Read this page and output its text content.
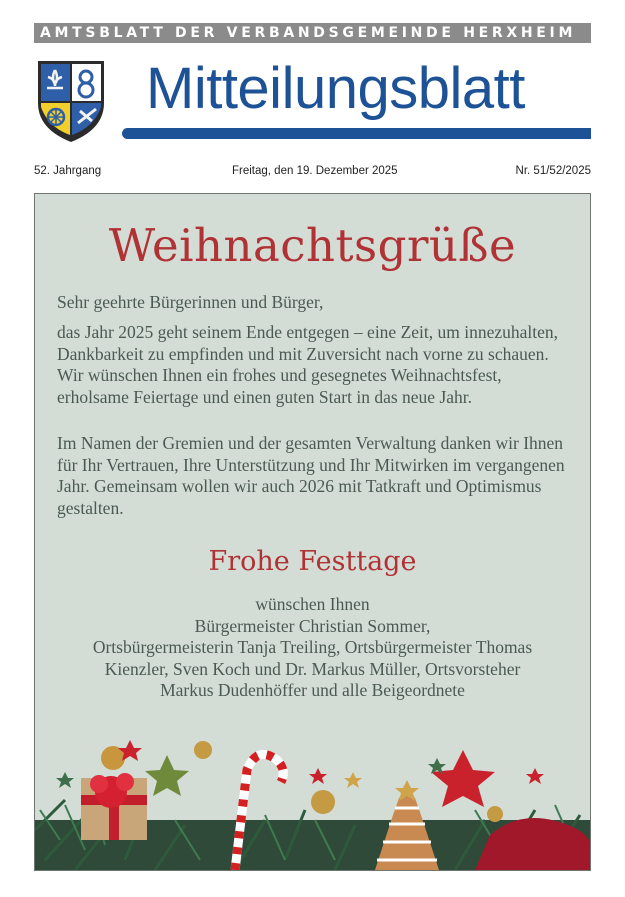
AMTSBLATT DER VERBANDSGEMEINDE HERXHEIM
Mitteilungsblatt
52. Jahrgang	Freitag, den 19. Dezember 2025	Nr. 51/52/2025
Weihnachtsgrüße
Sehr geehrte Bürgerinnen und Bürger,
das Jahr 2025 geht seinem Ende entgegen – eine Zeit, um innezuhalten, Dankbarkeit zu empfinden und mit Zuversicht nach vorne zu schauen. Wir wünschen Ihnen ein frohes und gesegnetes Weihnachtsfest, erholsame Feiertage und einen guten Start in das neue Jahr.
Im Namen der Gremien und der gesamten Verwaltung danken wir Ihnen für Ihr Vertrauen, Ihre Unterstützung und Ihr Mitwirken im vergangenen Jahr. Gemeinsam wollen wir auch 2026 mit Tatkraft und Optimismus gestalten.
Frohe Festtage
wünschen Ihnen
Bürgermeister Christian Sommer,
Ortsbürgermeisterin Tanja Treiling, Ortsbürgermeister Thomas
Kienzler, Sven Koch und Dr. Markus Müller, Ortsvorsteher
Markus Dudenhöffer und alle Beigeordnete
